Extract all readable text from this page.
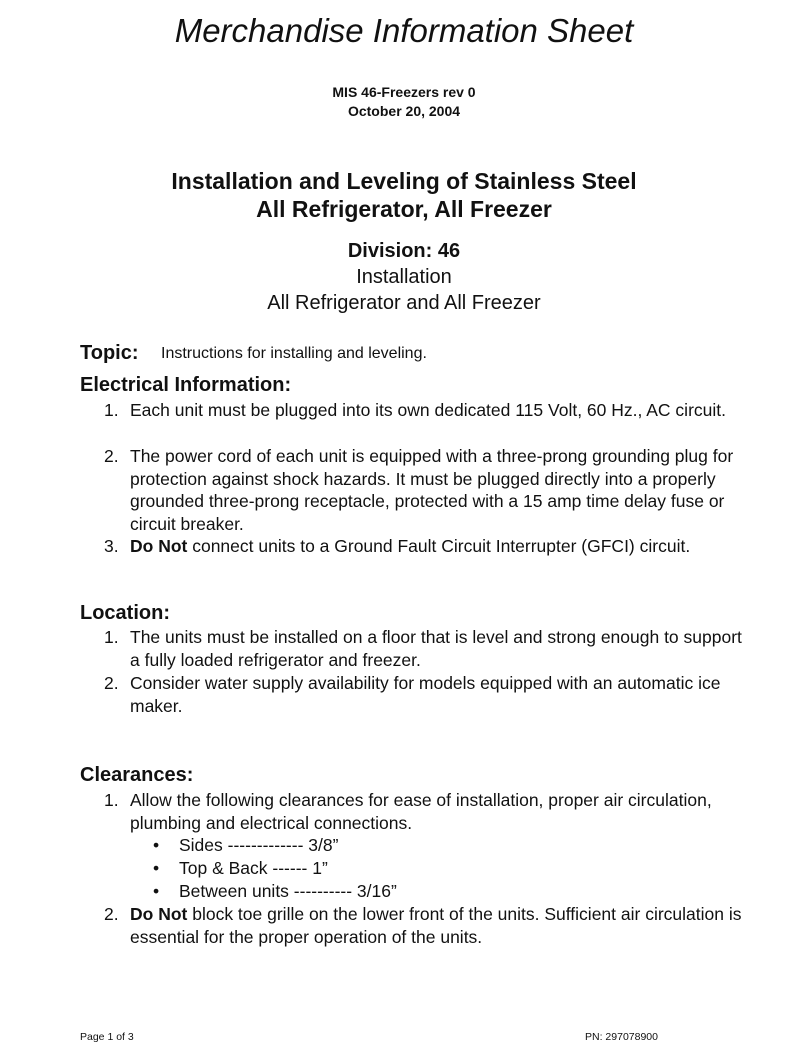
Merchandise Information Sheet
MIS 46-Freezers rev 0
October 20, 2004
Installation and Leveling of Stainless Steel
All Refrigerator, All Freezer
Division: 46
Installation
All Refrigerator and All Freezer
Topic: Instructions for installing and leveling.
Electrical Information:
1. Each unit must be plugged into its own dedicated 115 Volt, 60 Hz., AC circuit.
2. The power cord of each unit is equipped with a three-prong grounding plug for protection against shock hazards. It must be plugged directly into a properly grounded three-prong receptacle, protected with a 15 amp time delay fuse or circuit breaker.
3. Do Not connect units to a Ground Fault Circuit Interrupter (GFCI) circuit.
Location:
1. The units must be installed on a floor that is level and strong enough to support a fully loaded refrigerator and freezer.
2. Consider water supply availability for models equipped with an automatic ice maker.
Clearances:
1. Allow the following clearances for ease of installation, proper air circulation, plumbing and electrical connections.
• Sides ------------- 3/8”
• Top & Back ------ 1”
• Between units ---------- 3/16”
2. Do Not block toe grille on the lower front of the units. Sufficient air circulation is essential for the proper operation of the units.
Page 1 of 3	PN: 297078900
